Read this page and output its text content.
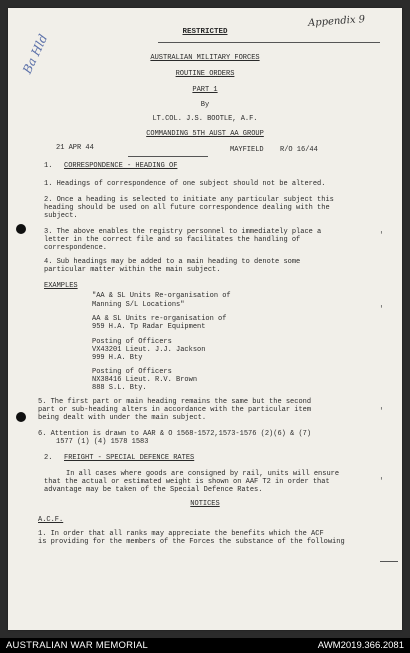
Appendix 9
Ba Hld
RESTRICTED
AUSTRALIAN MILITARY FORCES
ROUTINE ORDERS
PART 1
By
LT.COL. J.S. BOOTLE, A.F.
COMMANDING 5TH AUST AA GROUP
21 APR 44	MAYFIELD R/O 16/44
1. CORRESPONDENCE - HEADING OF
1. Headings of correspondence of one subject should not be altered.
2. Once a heading is selected to initiate any particular subject this
heading should be used on all future correspondence dealing with the
subject.
3. The above enables the registry personnel to immediately place a
letter in the correct file and so facilitates the handling of
correspondence.
4. Sub headings may be added to a main heading to denote some
particular matter within the main subject.
EXAMPLES
"AA & SL Units Re-organisation of
Manning S/L Locations"
AA & SL Units re-organisation of
959 H.A. Tp Radar Equipment
Posting of Officers
VX43201 Lieut. J.J. Jackson
999 H.A. Bty
Posting of Officers
NX38416 Lieut. R.V. Brown
888 S.L. Bty.
5. The first part or main heading remains the same but the second
part or sub-heading alters in accordance with the particular item
being dealt with under the main subject.
6. Attention is drawn to AAR & O 1568-1572,1573-1576 (2)(6) & (7)
1577 (1) (4) 1578 1583
2. FREIGHT - SPECIAL DEFENCE RATES
In all cases where goods are consigned by rail, units will ensure
that the actual or estimated weight is shown on AAF T2 in order that
advantage may be taken of the Special Defence Rates.
NOTICES
A.C.F.
1. In order that all ranks may appreciate the benefits which the ACF
is providing for the members of the Forces the substance of the following
'
'
'
'
AUSTRALIAN WAR MEMORIAL	AWM2019.366.2081
